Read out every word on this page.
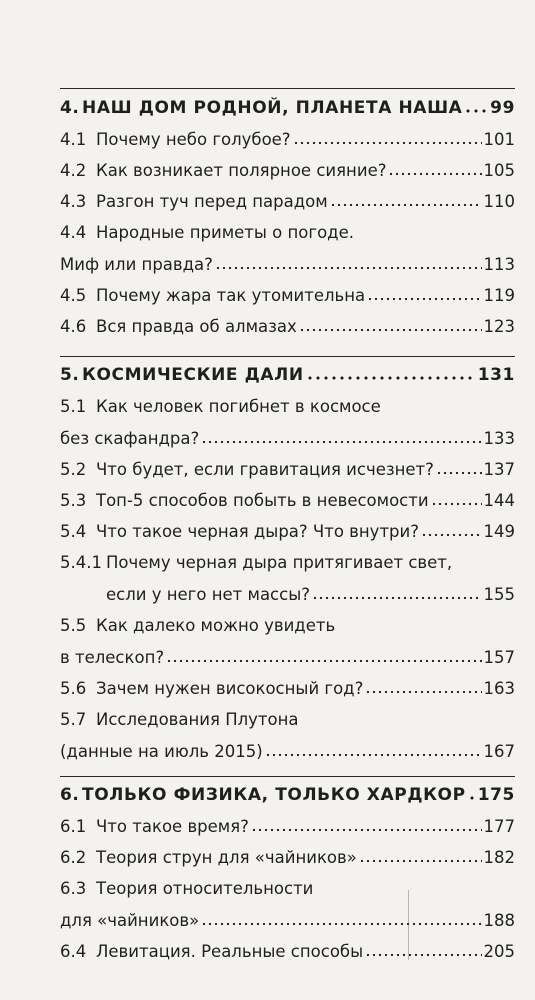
4. НАШ ДОМ РОДНОЙ, ПЛАНЕТА НАША 99
4.1 Почему небо голубое?	101
4.2 Как возникает полярное сияние?	105
4.3 Разгон туч перед парадом	110
4.4 Народные приметы о погоде.
Миф или правда?	113
4.5 Почему жара так утомительна	119
4.6 Вся правда об алмазах	123
5. КОСМИЧЕСКИЕ ДАЛИ	131
5.1 Как человек погибнет в космосе
без скафандра?	133
5.2 Что будет, если гравитация исчезнет?	137
5.3 Топ-5 способов побыть в невесомости	144
5.4 Что такое черная дыра? Что внутри?	149
5.4.1 Почему черная дыра притягивает свет,
если у него нет массы?	155
5.5 Как далеко можно увидеть
в телескоп?	157
5.6 Зачем нужен високосный год?	163
5.7 Исследования Плутона
(данные на июль 2015)	167
6. ТОЛЬКО ФИЗИКА, ТОЛЬКО ХАРДКОР 175
6.1 Что такое время?	177
6.2 Теория струн для «чайников»	182
6.3 Теория относительности
для «чайников»	188
6.4 Левитация. Реальные способы	205
